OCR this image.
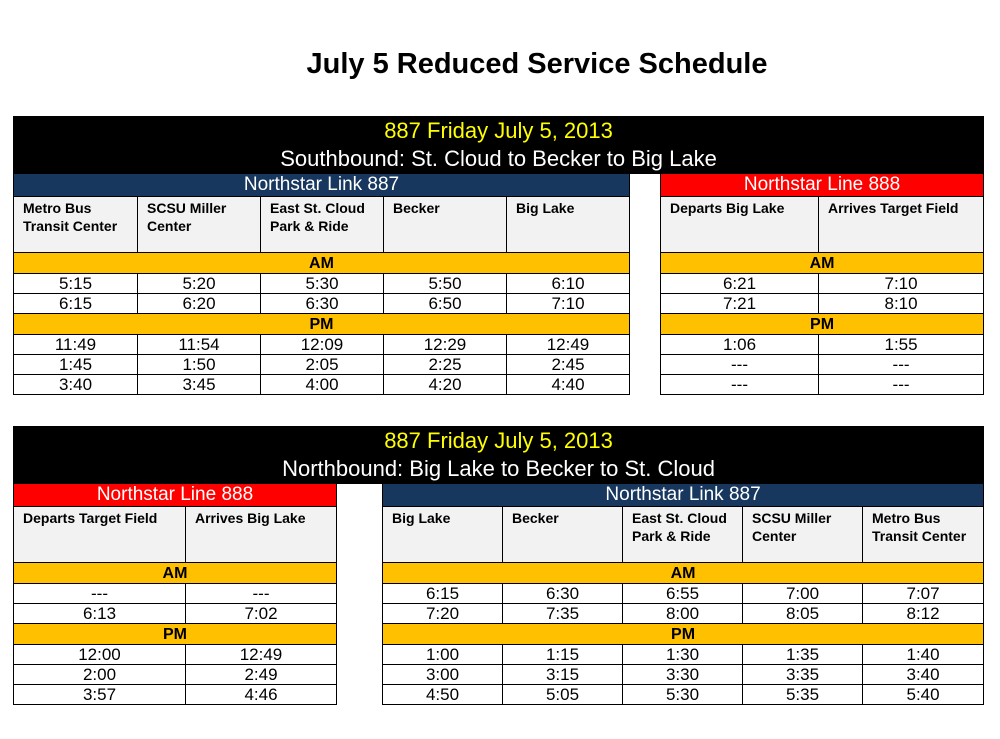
July 5 Reduced Service Schedule
887 Friday July 5, 2013							
Southbound: St. Cloud to Becker to Big Lake							
Northstar Link 887						Northstar Line 888	
Metro Bus Transit Center	SCSU Miller Center	East St. Cloud Park & Ride	Becker	Big Lake		Departs Big Lake	Arrives Target Field
AM						AM	
5:15	5:20	5:30	5:50	6:10		6:21	7:10
6:15	6:20	6:30	6:50	7:10		7:21	8:10
PM						PM	
11:49	11:54	12:09	12:29	12:49		1:06	1:55
1:45	1:50	2:05	2:25	2:45		---	---
3:40	3:45	4:00	4:20	4:40		---	---
887 Friday July 5, 2013							
Northbound: Big Lake to Becker to St. Cloud							
Northstar Line 888			Northstar Link 887				
Departs Target Field	Arrives Big Lake		Big Lake	Becker	East St. Cloud Park & Ride	SCSU Miller Center	Metro Bus Transit Center
AM			AM				
---	---		6:15	6:30	6:55	7:00	7:07
6:13	7:02		7:20	7:35	8:00	8:05	8:12
PM			PM				
12:00	12:49		1:00	1:15	1:30	1:35	1:40
2:00	2:49		3:00	3:15	3:30	3:35	3:40
3:57	4:46		4:50	5:05	5:30	5:35	5:40
